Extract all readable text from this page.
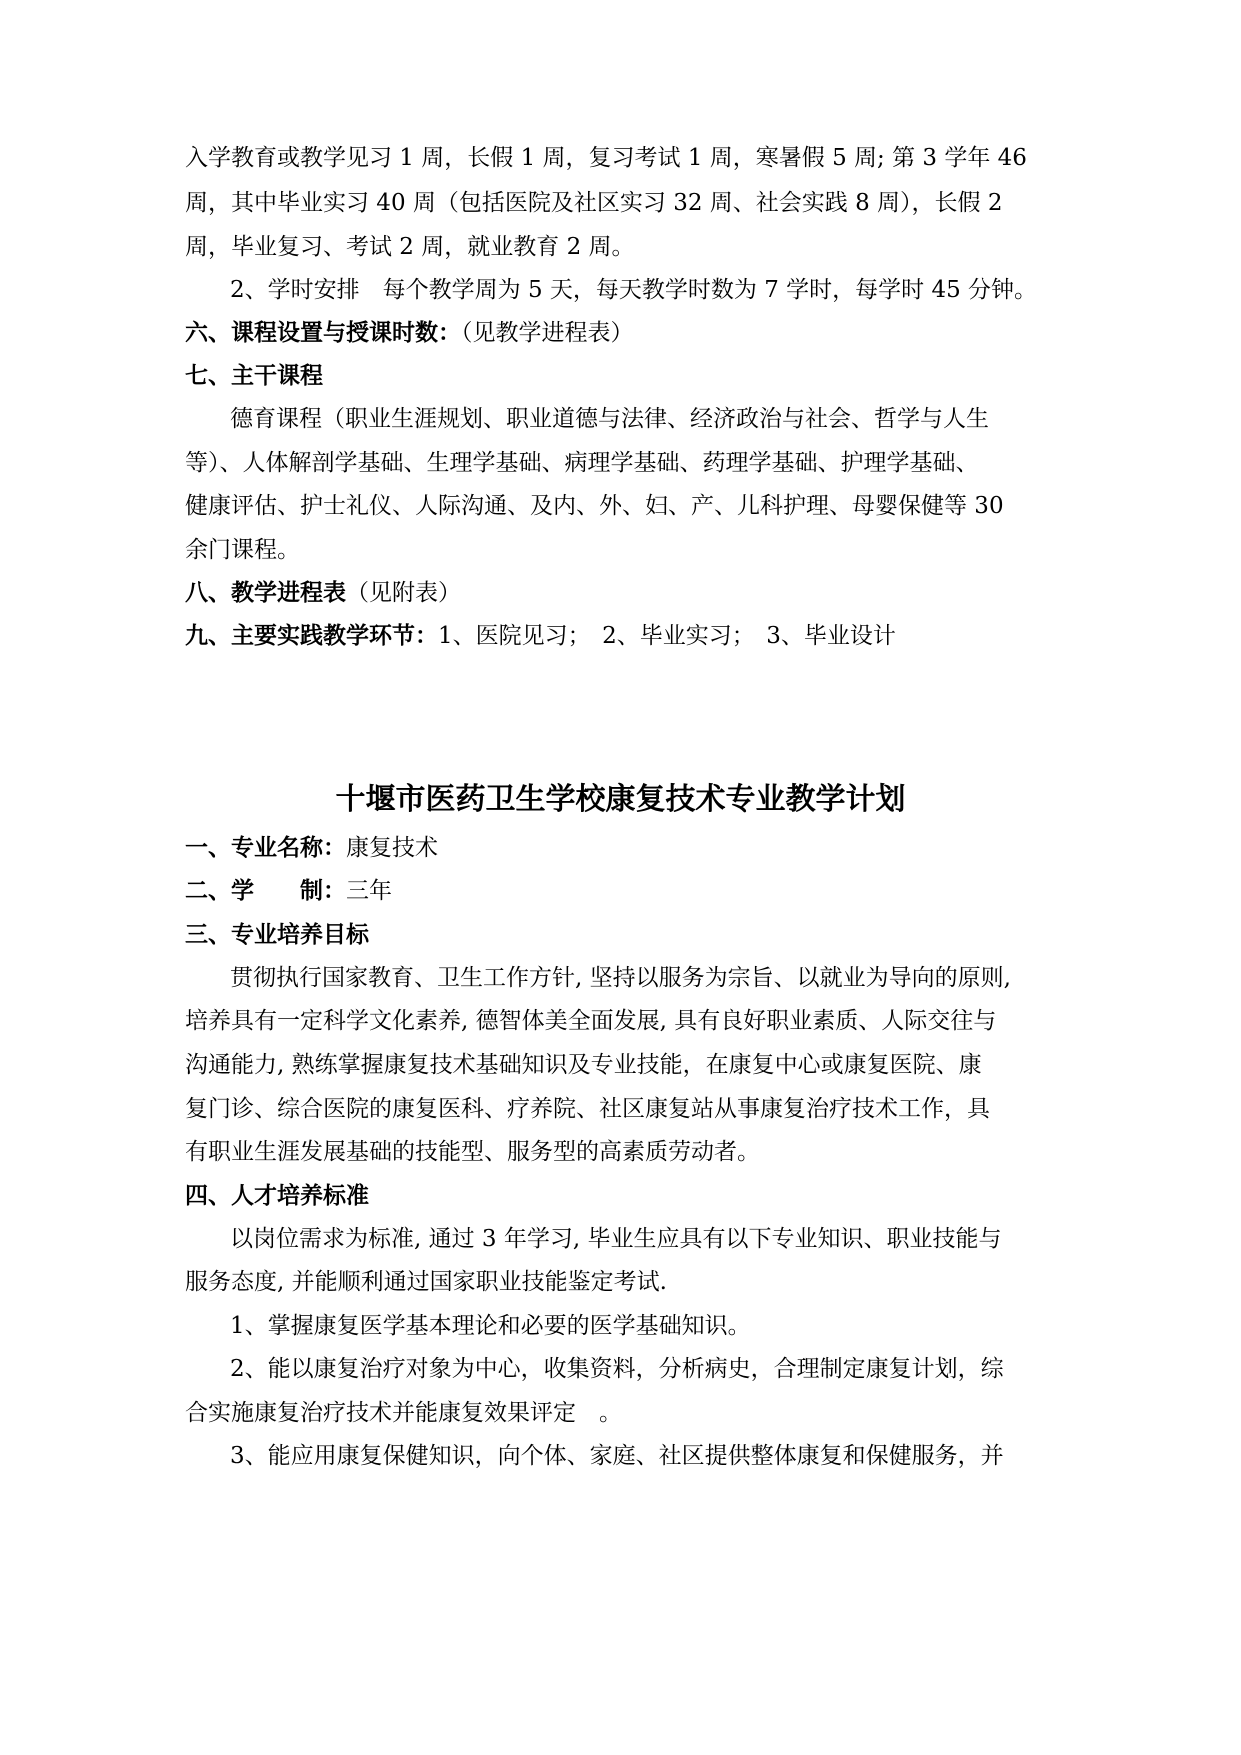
入学教育或教学见习 1 周，长假 1 周，复习考试 1 周，寒暑假 5 周; 第 3 学年 46
周，其中毕业实习 40 周（包括医院及社区实习 32 周、社会实践 8 周），长假 2
周，毕业复习、考试 2 周，就业教育 2 周。
2、学时安排　每个教学周为 5 天，每天教学时数为 7 学时，每学时 45 分钟。
六、课程设置与授课时数：（见教学进程表）
七、主干课程
德育课程（职业生涯规划、职业道德与法律、经济政治与社会、哲学与人生
等）、人体解剖学基础、生理学基础、病理学基础、药理学基础、护理学基础、
健康评估、护士礼仪、人际沟通、及内、外、妇、产、儿科护理、母婴保健等 30
余门课程。
八、教学进程表（见附表）
九、主要实践教学环节：1、医院见习；　2、毕业实习；　3、毕业设计
十堰市医药卫生学校康复技术专业教学计划
一、专业名称：康复技术
二、学　　制：三年
三、专业培养目标
贯彻执行国家教育、卫生工作方针, 坚持以服务为宗旨、以就业为导向的原则,
培养具有一定科学文化素养, 德智体美全面发展, 具有良好职业素质、人际交往与
沟通能力, 熟练掌握康复技术基础知识及专业技能，在康复中心或康复医院、康
复门诊、综合医院的康复医科、疗养院、社区康复站从事康复治疗技术工作，具
有职业生涯发展基础的技能型、服务型的高素质劳动者。
四、人才培养标准
以岗位需求为标准, 通过 3 年学习, 毕业生应具有以下专业知识、职业技能与
服务态度, 并能顺利通过国家职业技能鉴定考试.
1、掌握康复医学基本理论和必要的医学基础知识。
2、能以康复治疗对象为中心，收集资料，分析病史，合理制定康复计划，综
合实施康复治疗技术并能康复效果评定　。
3、能应用康复保健知识，向个体、家庭、社区提供整体康复和保健服务，并
